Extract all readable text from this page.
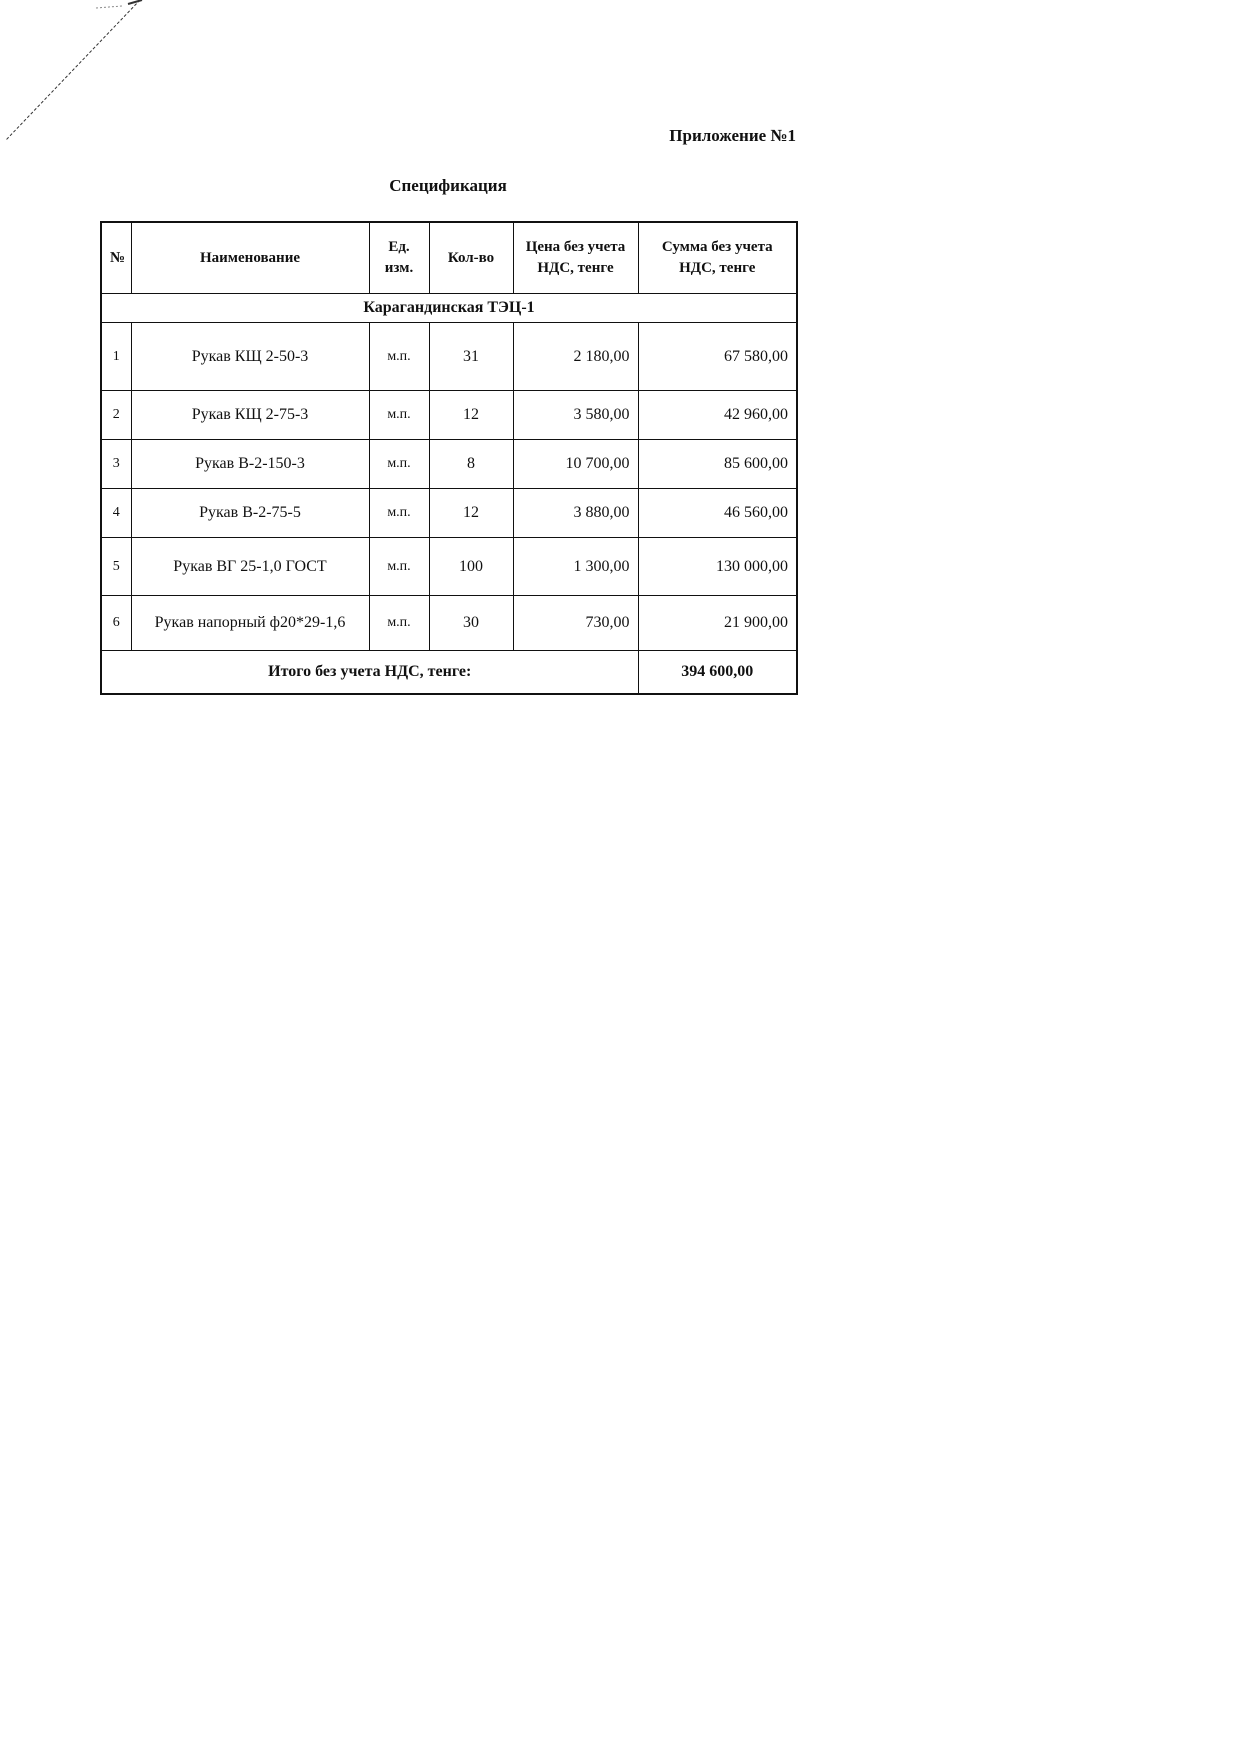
Приложение №1
Спецификация
№	Наименование	Ед. изм.	Кол-во	Цена без учета НДС, тенге	Сумма без учета НДС, тенге
Карагандинская ТЭЦ-1					
1	Рукав КЩ 2-50-3	м.п.	31	2 180,00	67 580,00
2	Рукав КЩ 2-75-3	м.п.	12	3 580,00	42 960,00
3	Рукав В-2-150-3	м.п.	8	10 700,00	85 600,00
4	Рукав В-2-75-5	м.п.	12	3 880,00	46 560,00
5	Рукав ВГ 25-1,0 ГОСТ	м.п.	100	1 300,00	130 000,00
6	Рукав напорный ф20*29-1,6	м.п.	30	730,00	21 900,00
Итого без учета НДС, тенге:					394 600,00
